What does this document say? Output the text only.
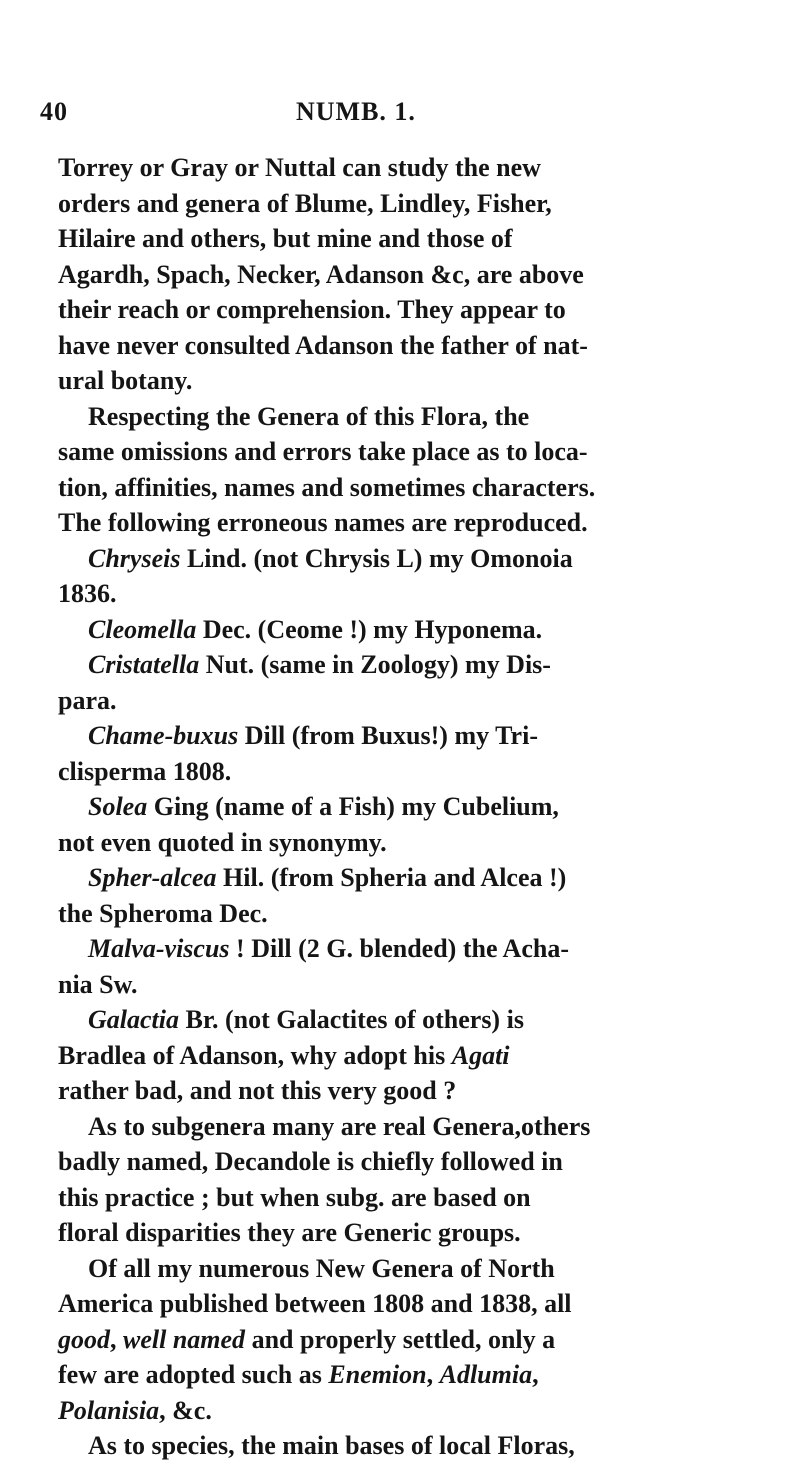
40	NUMB. 1.
Torrey or Gray or Nuttal can study the new
orders and genera of Blume, Lindley, Fisher,
Hilaire and others, but mine and those of
Agardh, Spach, Necker, Adanson &c, are above
their reach or comprehension. They appear to
have never consulted Adanson the father of nat-
ural botany.
Respecting the Genera of this Flora, the
same omissions and errors take place as to loca-
tion, affinities, names and sometimes characters.
The following erroneous names are reproduced.
Chryseis Lind. (not Chrysis L) my Omonoia
1836.
Cleomella Dec. (Ceome !) my Hyponema.
Cristatella Nut. (same in Zoology) my Dis-
para.
Chame-buxus Dill (from Buxus!) my Tri-
clisperma 1808.
Solea Ging (name of a Fish) my Cubelium,
not even quoted in synonymy.
Spher-alcea Hil. (from Spheria and Alcea !)
the Spheroma Dec.
Malva-viscus ! Dill (2 G. blended) the Acha-
nia Sw.
Galactia Br. (not Galactites of others) is
Bradlea of Adanson, why adopt his Agati
rather bad, and not this very good ?
As to subgenera many are real Genera,others
badly named, Decandole is chiefly followed in
this practice ; but when subg. are based on
floral disparities they are Generic groups.
Of all my numerous New Genera of North
America published between 1808 and 1838, all
good, well named and properly settled, only a
few are adopted such as Enemion, Adlumia,
Polanisia, &c.
As to species, the main bases of local Floras,
